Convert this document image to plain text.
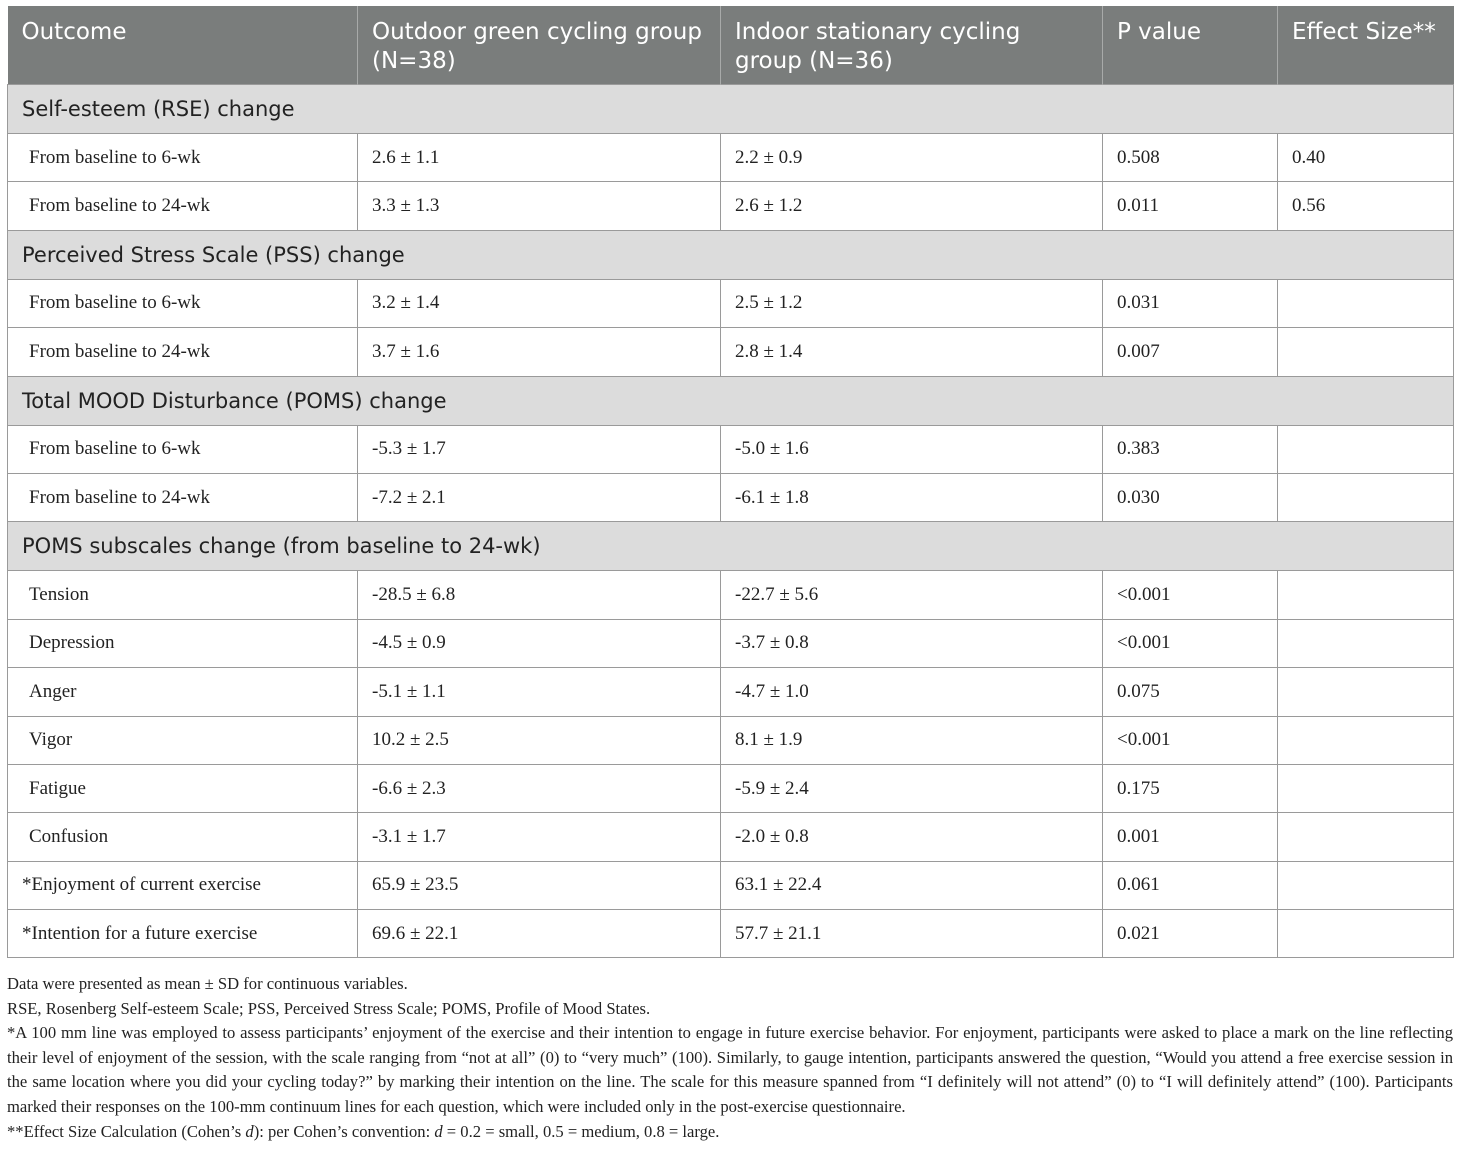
Outcome	Outdoor green cycling group (N=38)	Indoor stationary cycling group (N=36)	P value	Effect Size**
Self-esteem (RSE) change				
From baseline to 6-wk	2.6 ± 1.1	2.2 ± 0.9	0.508	0.40
From baseline to 24-wk	3.3 ± 1.3	2.6 ± 1.2	0.011	0.56
Perceived Stress Scale (PSS) change				
From baseline to 6-wk	3.2 ± 1.4	2.5 ± 1.2	0.031	
From baseline to 24-wk	3.7 ± 1.6	2.8 ± 1.4	0.007	
Total MOOD Disturbance (POMS) change				
From baseline to 6-wk	-5.3 ± 1.7	-5.0 ± 1.6	0.383	
From baseline to 24-wk	-7.2 ± 2.1	-6.1 ± 1.8	0.030	
POMS subscales change (from baseline to 24-wk)				
Tension	-28.5 ± 6.8	-22.7 ± 5.6	<0.001	
Depression	-4.5 ± 0.9	-3.7 ± 0.8	<0.001	
Anger	-5.1 ± 1.1	-4.7 ± 1.0	0.075	
Vigor	10.2 ± 2.5	8.1 ± 1.9	<0.001	
Fatigue	-6.6 ± 2.3	-5.9 ± 2.4	0.175	
Confusion	-3.1 ± 1.7	-2.0 ± 0.8	0.001	
*Enjoyment of current exercise	65.9 ± 23.5	63.1 ± 22.4	0.061	
*Intention for a future exercise	69.6 ± 22.1	57.7 ± 21.1	0.021	

Data were presented as mean ± SD for continuous variables.

RSE, Rosenberg Self-esteem Scale; PSS, Perceived Stress Scale; POMS, Profile of Mood States.

*A 100 mm line was employed to assess participants’ enjoyment of the exercise and their intention to engage in future exercise behavior. For enjoyment, participants were asked to place a mark on the line reflecting their level of enjoyment of the session, with the scale ranging from “not at all” (0) to “very much” (100). Similarly, to gauge intention, participants answered the question, “Would you attend a free exercise session in the same location where you did your cycling today?” by marking their intention on the line. The scale for this measure spanned from “I definitely will not attend” (0) to “I will definitely attend” (100). Participants marked their responses on the 100-mm continuum lines for each question, which were included only in the post-exercise questionnaire.

**Effect Size Calculation (Cohen’s d): per Cohen’s convention: d = 0.2 = small, 0.5 = medium, 0.8 = large.
